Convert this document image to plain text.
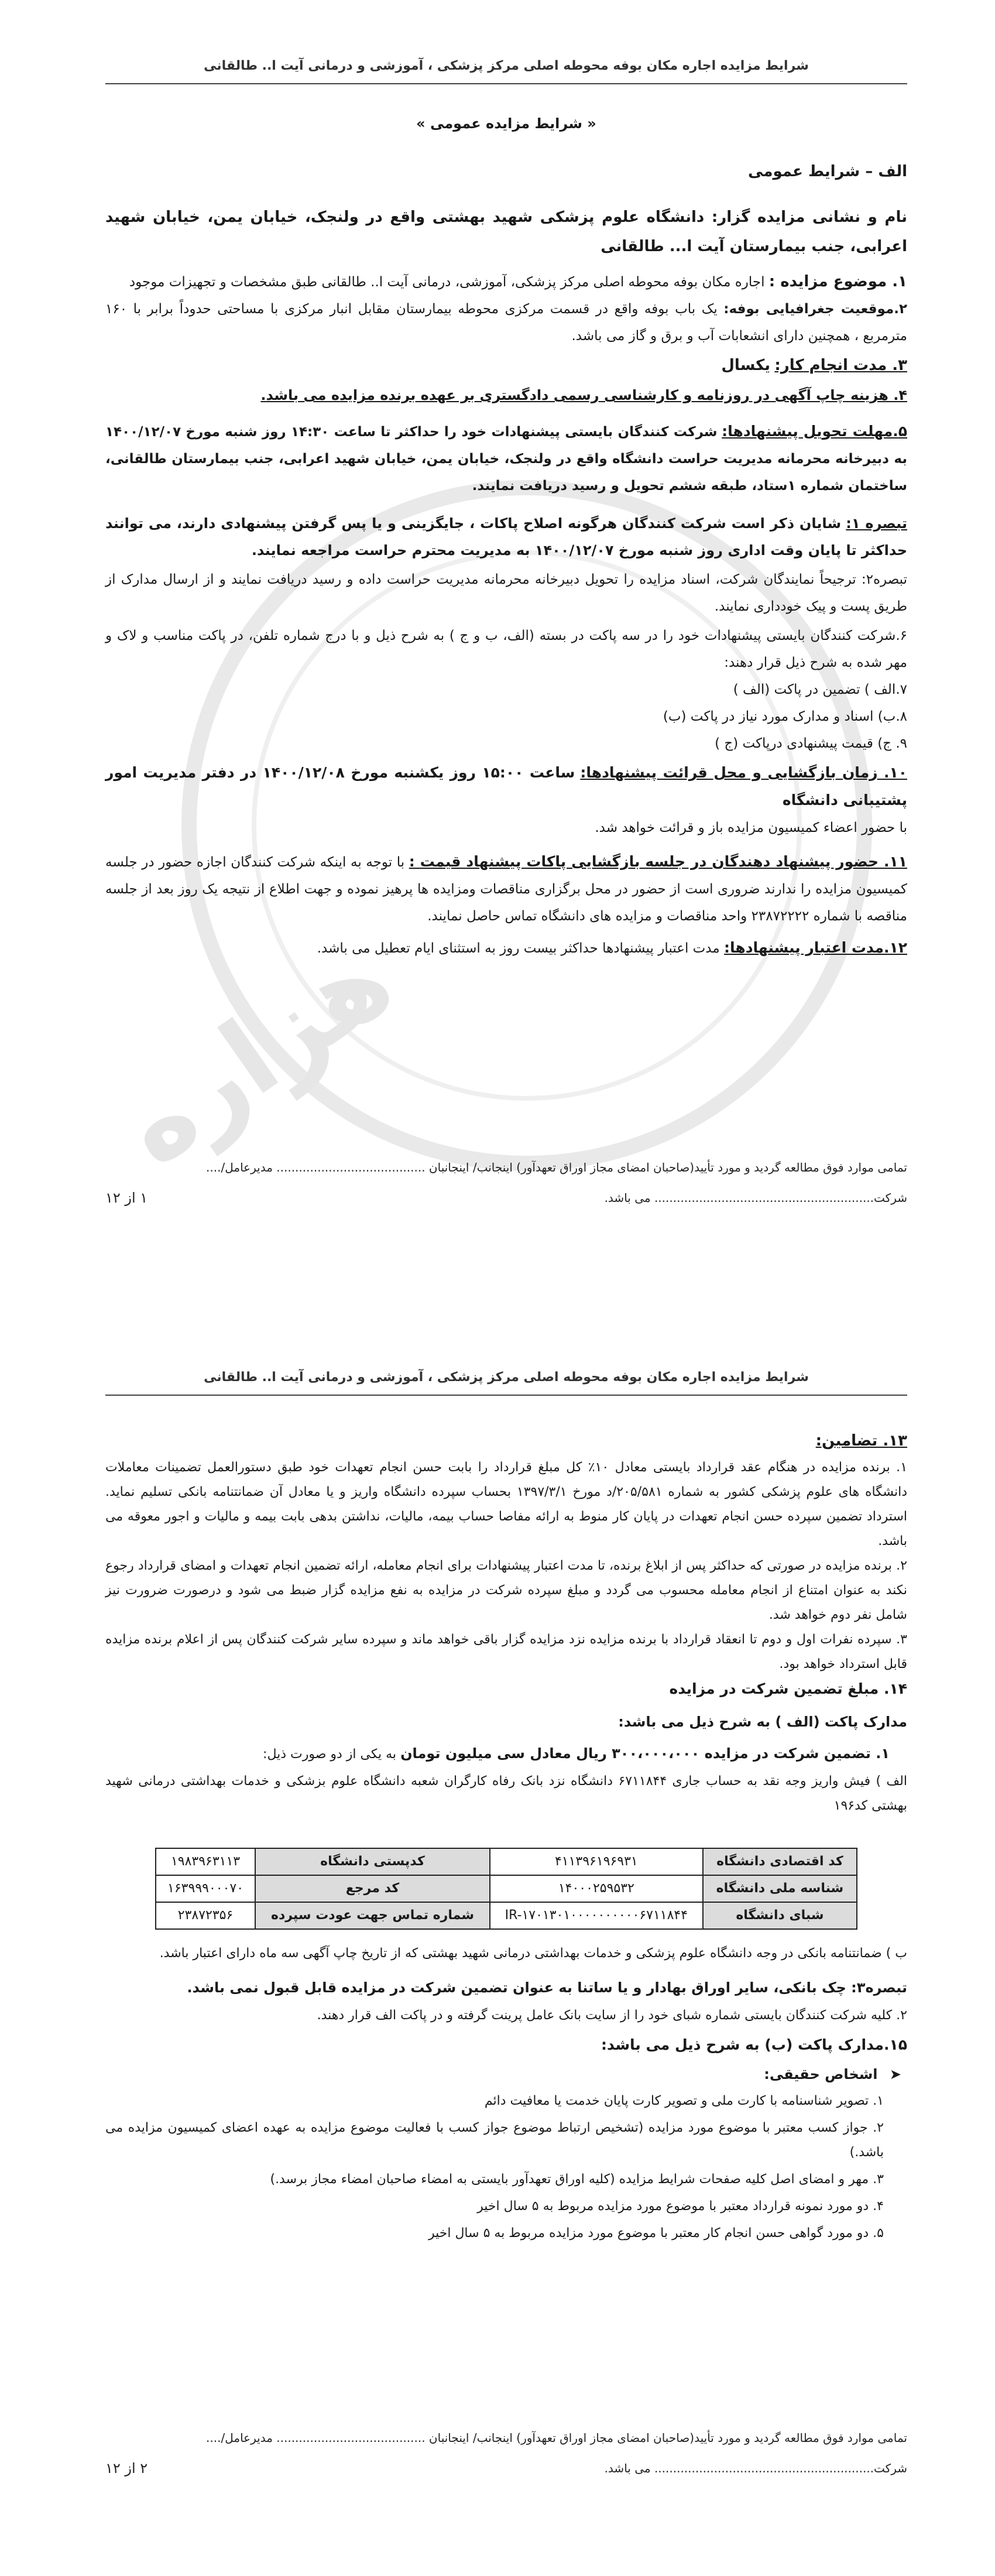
هزاره
شرایط مزایده اجاره مکان بوفه محوطه اصلی مرکز پزشکی ، آموزشی و درمانی آیت ا.. طالقانی

« شرایط مزایده عمومی »

الف – شرایط عمومی

نام و نشانی مزایده گزار: دانشگاه علوم پزشکی شهید بهشتی واقع در ولنجک، خیابان یمن، خیابان شهید اعرابی، جنب بیمارستان آیت ا... طالقانی

۱. موضوع مزایده : اجاره مکان بوفه محوطه اصلی مرکز پزشکی، آموزشی، درمانی آیت ا.. طالقانی طبق مشخصات و تجهیزات موجود

۲.موقعیت جغرافیایی بوفه: یک باب بوفه واقع در قسمت مرکزی محوطه بیمارستان مقابل انبار مرکزی با مساحتی حدوداً برابر با ۱۶۰ مترمربع ، همچنین دارای انشعابات آب و برق و گاز می باشد.

۳. مدت انجام کار: یکسال

۴. هزینه چاپ آگهی در روزنامه و کارشناسی رسمی دادگستری بر عهده برنده مزایده می باشد.

۵.مهلت تحویل پیشنهادها: شرکت کنندگان بایستی پیشنهادات خود را حداکثر تا ساعت ۱۴:۳۰ روز شنبه مورخ ۱۴۰۰/۱۲/۰۷ به دبیرخانه محرمانه مدیریت حراست دانشگاه واقع در ولنجک، خیابان یمن، خیابان شهید اعرابی، جنب بیمارستان طالقانی، ساختمان شماره ۱ستاد، طبقه ششم تحویل و رسید دریافت نمایند.

تبصره ۱: شایان ذکر است شرکت کنندگان هرگونه اصلاح پاکات ، جایگزینی و یا پس گرفتن پیشنهادی دارند، می توانند حداکثر تا پایان وقت اداری روز شنبه مورخ ۱۴۰۰/۱۲/۰۷ به مدیریت محترم حراست مراجعه نمایند.

تبصره۲: ترجیحاً نمایندگان شرکت، اسناد مزایده را تحویل دبیرخانه محرمانه مدیریت حراست داده و رسید دریافت نمایند و از ارسال مدارک از طریق پست و پیک خودداری نمایند.

۶.شرکت کنندگان بایستی پیشنهادات خود را در سه پاکت در بسته (الف، ب و ج ) به شرح ذیل و با درج شماره تلفن، در پاکت مناسب و لاک و مهر شده به شرح ذیل قرار دهند:

۷.الف ) تضمین در پاکت (الف )

۸.ب) اسناد و مدارک مورد نیاز در پاکت (ب)

۹. ج) قیمت پیشنهادی درپاکت (ج )

۱۰. زمان بازگشایی و محل قرائت پیشنهادها: ساعت ۱۵:۰۰ روز یکشنبه مورخ ۱۴۰۰/۱۲/۰۸ در دفتر مدیریت امور پشتیبانی دانشگاه

با حضور اعضاء کمیسیون مزایده باز و قرائت خواهد شد.

۱۱. حضور پیشنهاد دهندگان در جلسه بازگشایی پاکات پیشنهاد قیمت : با توجه به اینکه شرکت کنندگان اجازه حضور در جلسه کمیسیون مزایده را ندارند ضروری است از حضور در محل برگزاری مناقصات ومزایده ها پرهیز نموده و جهت اطلاع از نتیجه یک روز بعد از جلسه مناقصه با شماره ۲۳۸۷۲۲۲۲ واحد مناقصات و مزایده های دانشگاه تماس حاصل نمایند.

۱۲.مدت اعتبار پیشنهادها: مدت اعتبار پیشنهادها حداکثر بیست روز به استثنای ایام تعطیل می باشد.

تمامی موارد فوق مطالعه گردید و مورد تأیید(صاحبان امضای مجاز اوراق تعهدآور) اینجانب/ اینجانبان ........................................ مدیرعامل/....
شرکت........................................................... می باشد.
۱ از ۱۲
شرایط مزایده اجاره مکان بوفه محوطه اصلی مرکز پزشکی ، آموزشی و درمانی آیت ا.. طالقانی

۱۳. تضامین:

۱. برنده مزایده در هنگام عقد قرارداد بایستی معادل ۱۰٪ کل مبلغ قرارداد را بابت حسن انجام تعهدات خود طبق دستورالعمل تضمینات معاملات دانشگاه های علوم پزشکی کشور به شماره ۲۰۵/۵۸۱/د مورخ ۱۳۹۷/۳/۱ بحساب سپرده دانشگاه واریز و یا معادل آن ضمانتنامه بانکی تسلیم نماید. استرداد تضمین سپرده حسن انجام تعهدات در پایان کار منوط به ارائه مفاصا حساب بیمه، مالیات، نداشتن بدهی بابت بیمه و مالیات و اجور معوقه می باشد.

۲. برنده مزایده در صورتی که حداکثر پس از ابلاغ برنده، تا مدت اعتبار پیشنهادات برای انجام معامله، ارائه تضمین انجام تعهدات و امضای قرارداد رجوع نکند به عنوان امتناع از انجام معامله محسوب می گردد و مبلغ سپرده شرکت در مزایده به نفع مزایده گزار ضبط می شود و درصورت ضرورت نیز شامل نفر دوم خواهد شد.

۳. سپرده نفرات اول و دوم تا انعقاد قرارداد با برنده مزایده نزد مزایده گزار باقی خواهد ماند و سپرده سایر شرکت کنندگان پس از اعلام برنده مزایده قابل استرداد خواهد بود.

۱۴. مبلغ تضمین شرکت در مزایده

مدارک پاکت (الف ) به شرح ذیل می باشد:

۱. تضمین شرکت در مزایده ۳۰۰،۰۰۰،۰۰۰ ریال معادل سی میلیون تومان به یکی از دو صورت ذیل:

الف ) فیش واریز وجه نقد به حساب جاری ۶۷۱۱۸۴۴ دانشگاه نزد بانک رفاه کارگران شعبه دانشگاه علوم بزشکی و خدمات بهداشتی درمانی شهید بهشتی کد۱۹۶

کد اقتصادی دانشگاه	۴۱۱۳۹۶۱۹۶۹۳۱	کدپستی دانشگاه	۱۹۸۳۹۶۳۱۱۳
شناسه ملی دانشگاه	۱۴۰۰۰۲۵۹۵۳۲	کد مرجع	۱۶۳۹۹۹۰۰۰۷۰
شبای دانشگاه	IR-۱۷۰۱۳۰۱۰۰۰۰۰۰۰۰۰۰۶۷۱۱۸۴۴	شماره تماس جهت عودت سپرده	۲۳۸۷۲۳۵۶

ب ) ضمانتنامه بانکی در وجه دانشگاه علوم پزشکی و خدمات بهداشتی درمانی شهید بهشتی که از تاریخ چاپ آگهی سه ماه دارای اعتبار باشد.

تبصره۳: چک بانکی، سایر اوراق بهادار و یا ساتنا به عنوان تضمین شرکت در مزایده قابل قبول نمی باشد.

۲. کلیه شرکت کنندگان بایستی شماره شبای خود را از سایت بانک عامل پرینت گرفته و در پاکت الف قرار دهند.

۱۵.مدارک پاکت (ب) به شرح ذیل می باشد:

➤ اشخاص حقیقی:

۱. تصویر شناسنامه با کارت ملی و تصویر کارت پایان خدمت یا معافیت دائم

۲. جواز کسب معتبر با موضوع مورد مزایده (تشخیص ارتباط موضوع جواز کسب با فعالیت موضوع مزایده به عهده اعضای کمیسیون مزایده می باشد.)

۳. مهر و امضای اصل کلیه صفحات شرایط مزایده (کلیه اوراق تعهدآور بایستی به امضاء صاحبان امضاء مجاز برسد.)

۴. دو مورد نمونه قرارداد معتبر با موضوع مورد مزایده مربوط به ۵ سال اخیر

۵. دو مورد گواهی حسن انجام کار معتبر با موضوع مورد مزایده مربوط به ۵ سال اخیر

تمامی موارد فوق مطالعه گردید و مورد تأیید(صاحبان امضای مجاز اوراق تعهدآور) اینجانب/ اینجانبان ........................................ مدیرعامل/....
شرکت........................................................... می باشد.
۲ از ۱۲
